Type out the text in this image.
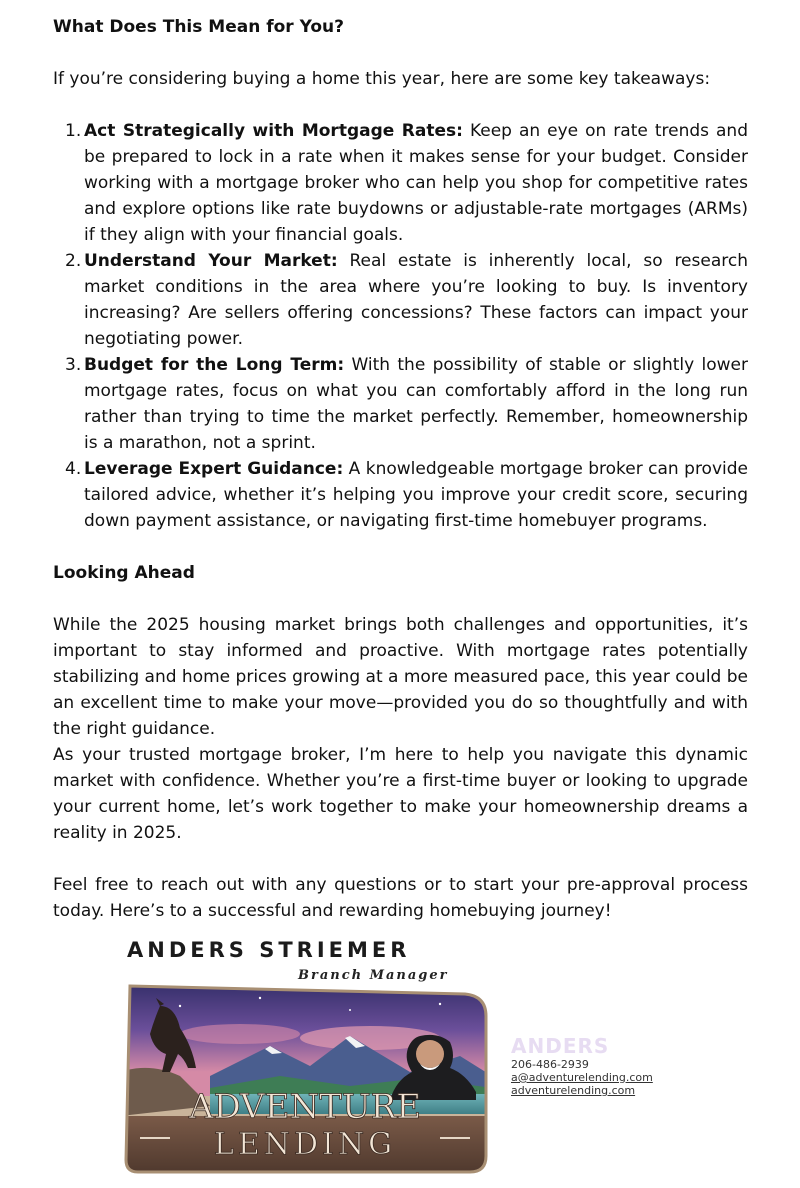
What Does This Mean for You?

If you’re considering buying a home this year, here are some key takeaways:

1. Act Strategically with Mortgage Rates: Keep an eye on rate trends and be prepared to lock in a rate when it makes sense for your budget. Consider working with a mortgage broker who can help you shop for competitive rates and explore options like rate buydowns or adjustable-rate mortgages (ARMs) if they align with your financial goals.
2. Understand Your Market: Real estate is inherently local, so research market conditions in the area where you’re looking to buy. Is inventory increasing? Are sellers offering concessions? These factors can impact your negotiating power.
3. Budget for the Long Term: With the possibility of stable or slightly lower mortgage rates, focus on what you can comfortably afford in the long run rather than trying to time the market perfectly. Remember, homeownership is a marathon, not a sprint.
4. Leverage Expert Guidance: A knowledgeable mortgage broker can provide tailored advice, whether it’s helping you improve your credit score, securing down payment assistance, or navigating first-time homebuyer programs.

Looking Ahead

While the 2025 housing market brings both challenges and opportunities, it’s important to stay informed and proactive. With mortgage rates potentially stabilizing and home prices growing at a more measured pace, this year could be an excellent time to make your move—provided you do so thoughtfully and with the right guidance.

As your trusted mortgage broker, I’m here to help you navigate this dynamic market with confidence. Whether you’re a first-time buyer or looking to upgrade your current home, let’s work together to make your homeownership dreams a reality in 2025.

Feel free to reach out with any questions or to start your pre-approval process today. Here’s to a successful and rewarding homebuying journey!

ANDERS STRIEMER
Branch Manager
ADVENTURE
LENDING
ANDERS
206-486-2939
a@adventurelending.com
adventurelending.com
